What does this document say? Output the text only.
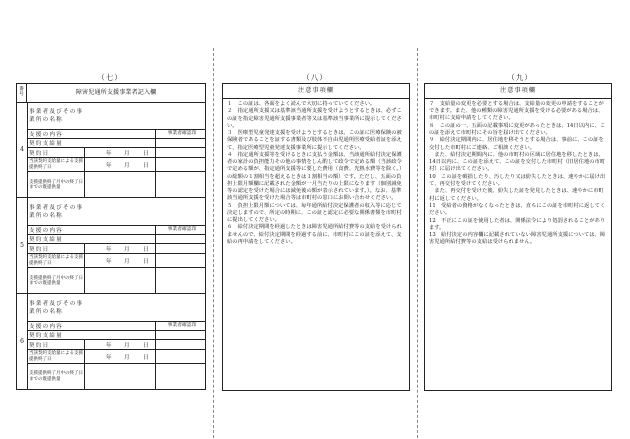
（七）	（八）	（九）
番号	障害児通所支援事業者記入欄
4
事業者及びその事業所の名称
支援の内容	事業者確認印
契約支給量
契約日	年 月 日
当該契約支給量による支援提供終了日	年 月 日
支援提供終了月中の終了日までの既提供量
5
事業者及びその事業所の名称
支援の内容	事業者確認印
契約支給量
契約日	年 月 日
当該契約支給量による支援提供終了日	年 月 日
支援提供終了月中の終了日までの既提供量
6
事業者及びその事業所の名称
支援の内容	事業者確認印
契約支給量
契約日	年 月 日
当該契約支給量による支援提供終了日	年 月 日
支援提供終了月中の終了日までの既提供量
注意事項欄

１　この証は、各面をよく読んで大切に持っていてください。

２　指定通所支援又は基準該当通所支援を受けようとするときは、必ずこの証を指定障害児通所支援事業者等又は基準該当事業所に提示してください。

３　医療型児童発達支援を受けようとするときは、この証に医療保険の被保険者であることを証する書類及び肢体不自由児通所医療受給者証を添えて、指定医療型児童発達支援事業所に提示してください。

４　指定通所支援等を受けるときに支払う金額は、当該通所給付決定保護者の家計の負担能力その他の事情をしん酌して政令で定める額（当該政令で定める額が、指定通所支援等に要した費用（食費、光熱水費等を除く。）の総額の１割相当を超えるときは１割相当の額）です。ただし、五面の負担上限月額欄に記載された金額が一月当たりの上限になります（個別減免等の認定を受けた場合には減免後の額が表示されています。）。なお、基準該当通所支援を受けた場合等は市町村の窓口にお問い合わせください。

５　負担上限月額については、毎年通所給付決定保護者の収入等に応じて決定しますので、所定の時期に、この証と認定に必要な関係書類を市町村に提出してください。

６　給付決定期間を経過したときは障害児通所給付費等の支給を受けられませんので、給付決定期間を経過する前に、市町村にこの証を添えて、支給の再申請をしてください。

注意事項欄

７　支給量の変更を必要とする場合は、支給量の変更の申請をすることができます。また、他の種類の障害児通所支援を受ける必要がある場合は、市町村に支給申請をしてください。

８　この証の一、五面の記載事項に変更があったときは、14日以内に、この証を添えて市町村にその旨を届け出てください。

９　給付決定期間内に、居住地を移そうとする場合は、事前に、この証を交付した市町村にご連絡、ご相談ください。

　また、給付決定期間内に、他の市町村の区域に居住地を移したときは、14日以内に、この証を添えて、この証を交付した市町村（旧居住地の市町村）に届け出てください。

10　この証を破損したり、汚したり又は紛失したときは、速やかに届け出て、再交付を受けてください。

　また、再交付を受けた後、紛失した証を発見したときは、速やかに市町村に返してください。

11　受給者の資格がなくなったときは、直ちにこの証を市町村に返してください。

12　不正にこの証を使用した者は、関係法令により処罰されることがあります。

13　給付決定の内容欄に記載されていない障害児通所支援については、障害児通所給付費等の支給は受けられません。
